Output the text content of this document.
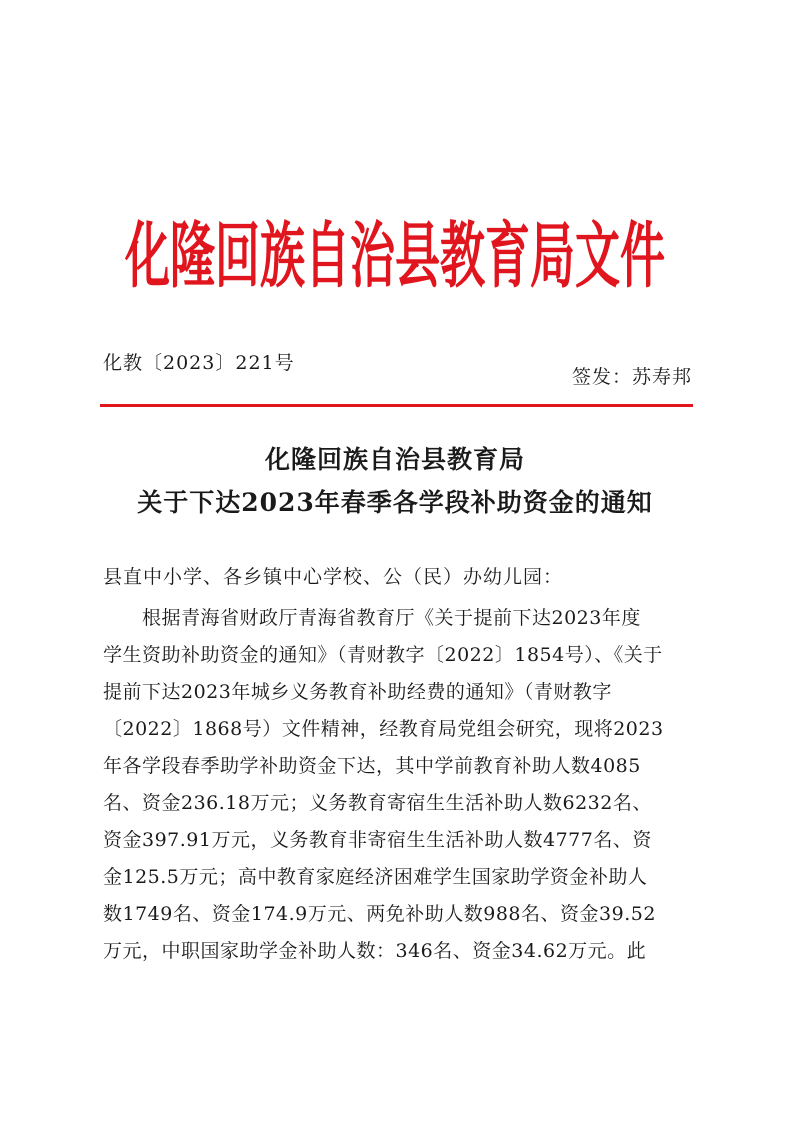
化隆回族自治县教育局文件
化教〔2023〕221号
签发：苏寿邦
化隆回族自治县教育局
关于下达2023年春季各学段补助资金的通知
县直中小学、各乡镇中心学校、公（民）办幼儿园：
根据青海省财政厅青海省教育厅《关于提前下达2023年度
学生资助补助资金的通知》（青财教字〔2022〕1854号）、《关于
提前下达2023年城乡义务教育补助经费的通知》（青财教字
〔2022〕1868号）文件精神，经教育局党组会研究，现将2023
年各学段春季助学补助资金下达，其中学前教育补助人数4085
名、资金236.18万元；义务教育寄宿生生活补助人数6232名、
资金397.91万元，义务教育非寄宿生生活补助人数4777名、资
金125.5万元；高中教育家庭经济困难学生国家助学资金补助人
数1749名、资金174.9万元、两免补助人数988名、资金39.52
万元，中职国家助学金补助人数：346名、资金34.62万元。此
